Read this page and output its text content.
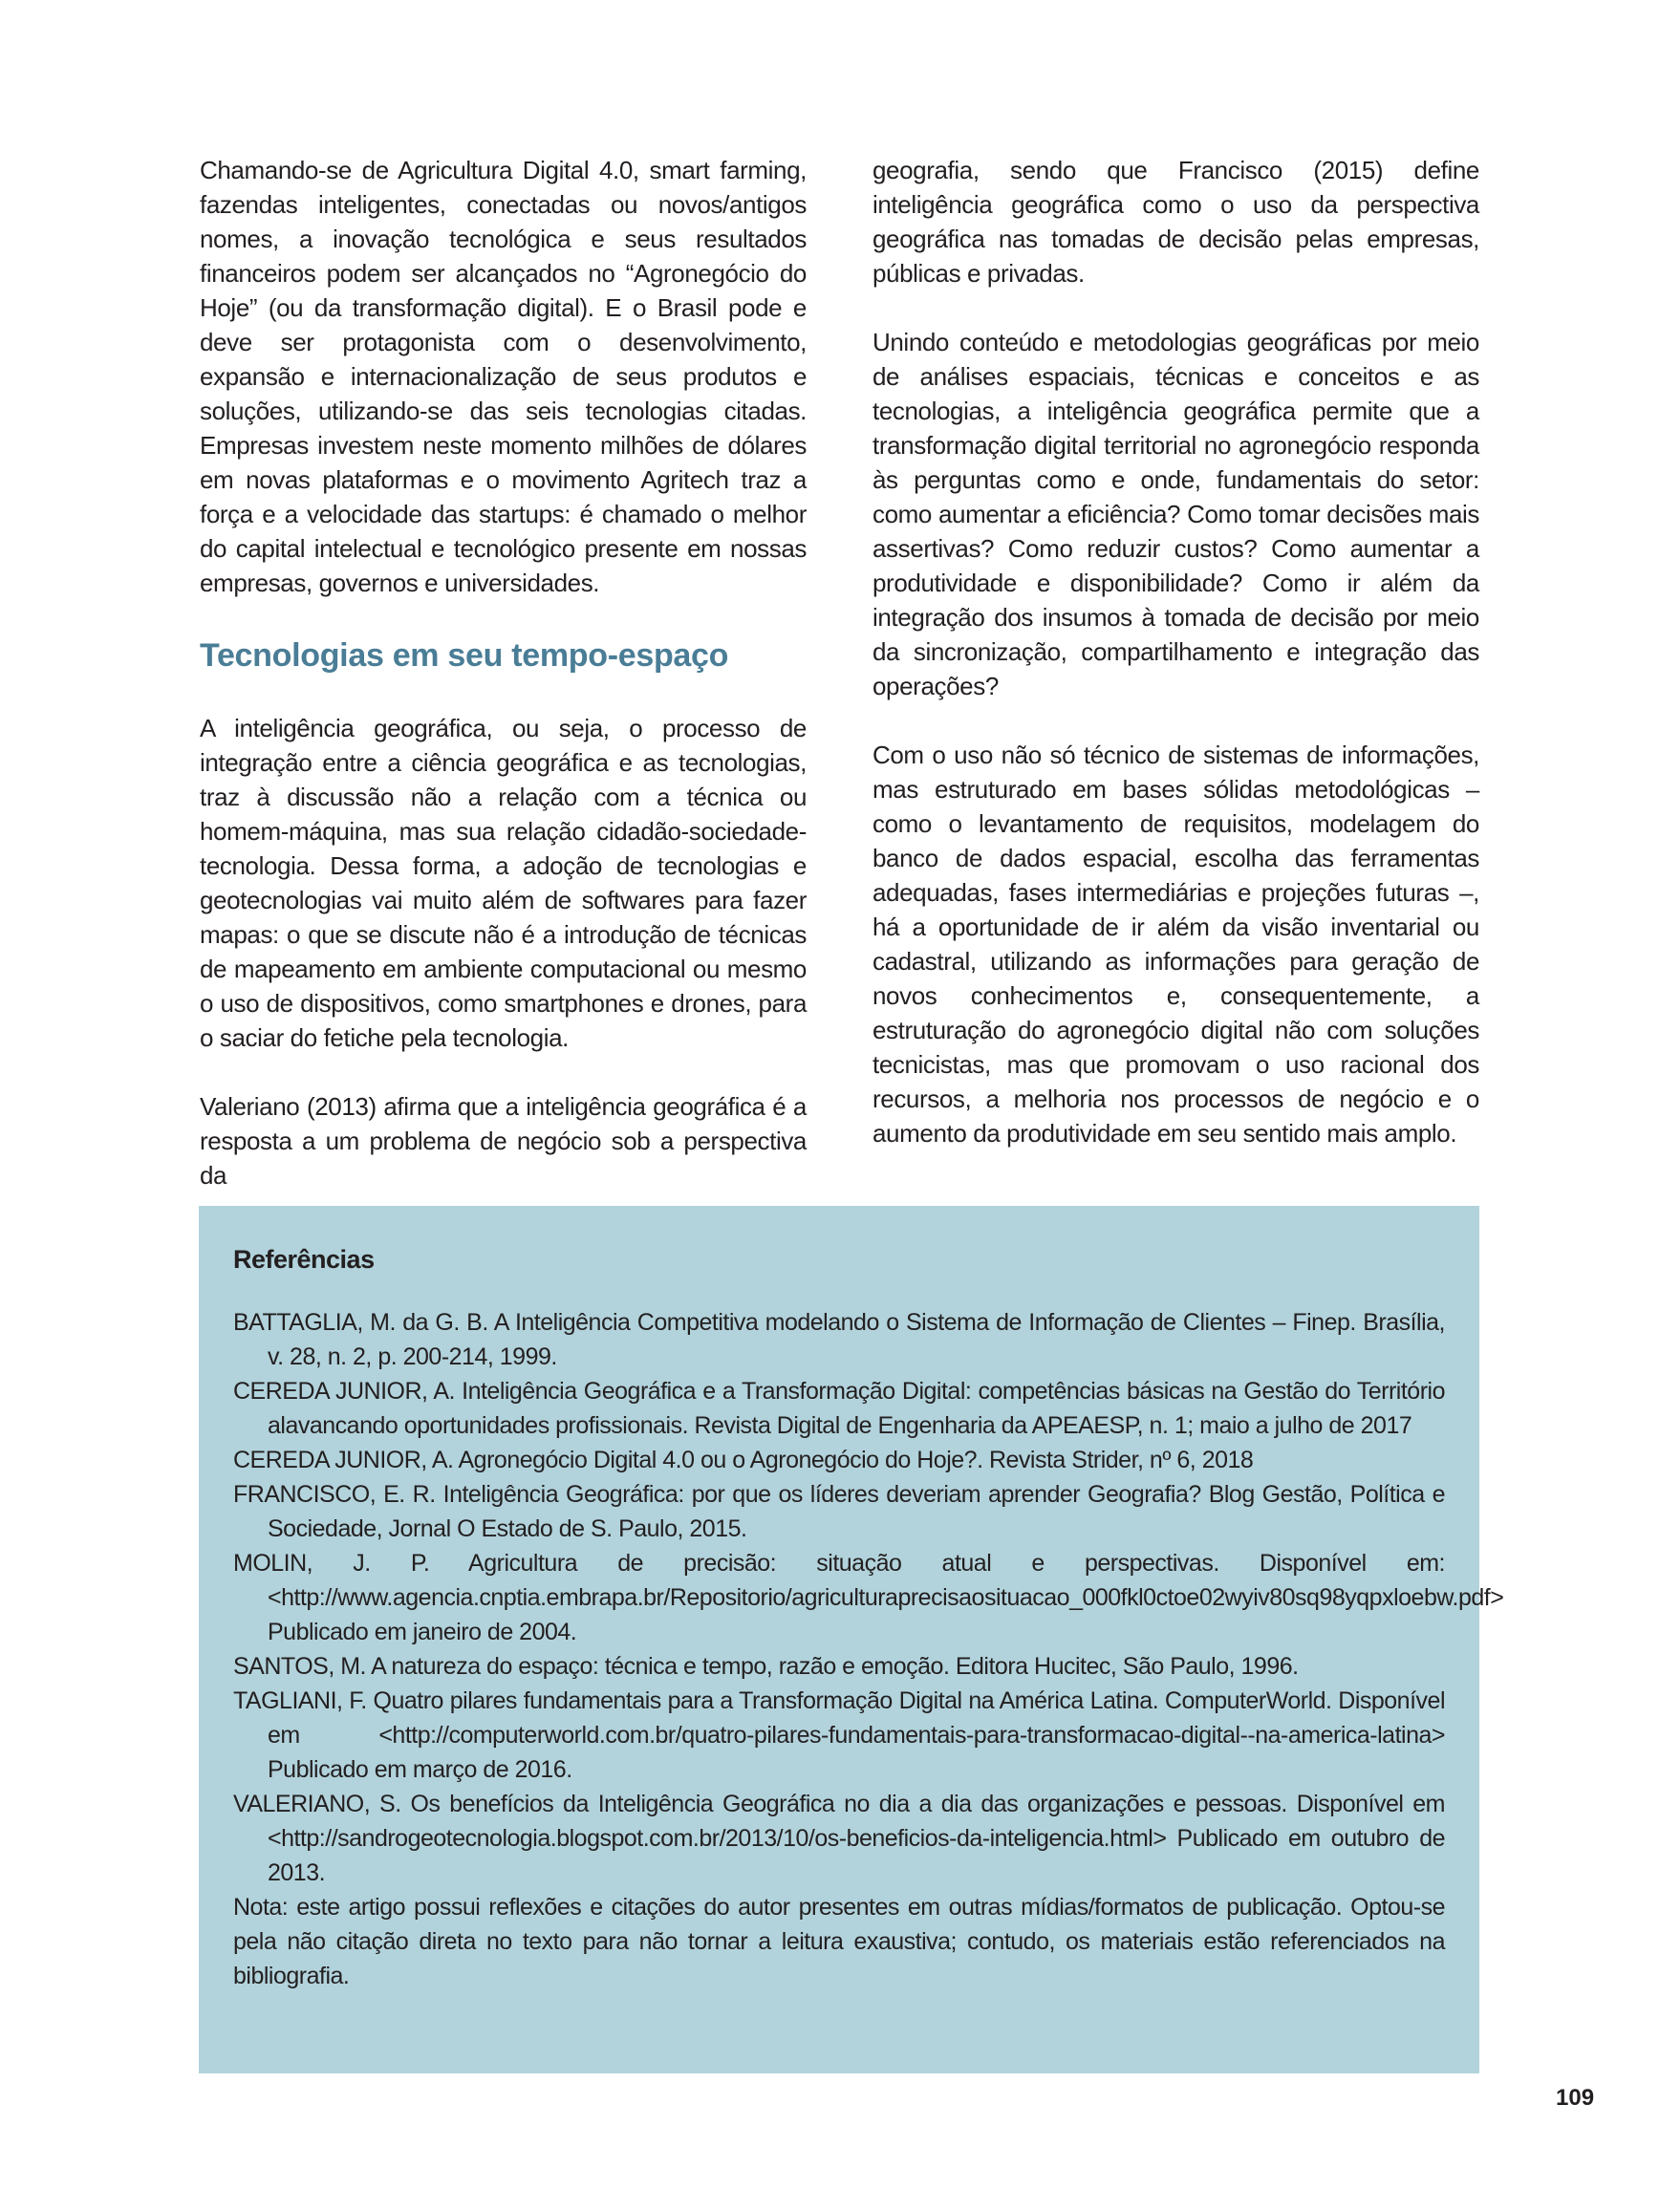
Chamando-se de Agricultura Digital 4.0, smart farming, fazendas inteligentes, conectadas ou novos/antigos nomes, a inovação tecnológica e seus resultados financeiros podem ser alcançados no “Agronegócio do Hoje” (ou da transformação digital). E o Brasil pode e deve ser protagonista com o desenvolvimento, expansão e internacionalização de seus produtos e soluções, utilizando-se das seis tecnologias citadas. Empresas investem neste momento milhões de dólares em novas plataformas e o movimento Agritech traz a força e a velocidade das startups: é chamado o melhor do capital intelectual e tecnológico presente em nossas empresas, governos e universidades.

Tecnologias em seu tempo-espaço

A inteligência geográfica, ou seja, o processo de integração entre a ciência geográfica e as tecnologias, traz à discussão não a relação com a técnica ou homem-máquina, mas sua relação cidadão-sociedade-tecnologia. Dessa forma, a adoção de tecnologias e geotecnologias vai muito além de softwares para fazer mapas: o que se discute não é a introdução de técnicas de mapeamento em ambiente computacional ou mesmo o uso de dispositivos, como smartphones e drones, para o saciar do fetiche pela tecnologia.

Valeriano (2013) afirma que a inteligência geográfica é a resposta a um problema de negócio sob a perspectiva da

geografia, sendo que Francisco (2015) define inteligência geográfica como o uso da perspectiva geográfica nas tomadas de decisão pelas empresas, públicas e privadas.

Unindo conteúdo e metodologias geográficas por meio de análises espaciais, técnicas e conceitos e as tecnologias, a inteligência geográfica permite que a transformação digital territorial no agronegócio responda às perguntas como e onde, fundamentais do setor: como aumentar a eficiência? Como tomar decisões mais assertivas? Como reduzir custos? Como aumentar a produtividade e disponibilidade? Como ir além da integração dos insumos à tomada de decisão por meio da sincronização, compartilhamento e integração das operações?

Com o uso não só técnico de sistemas de informações, mas estruturado em bases sólidas metodológicas – como o levantamento de requisitos, modelagem do banco de dados espacial, escolha das ferramentas adequadas, fases intermediárias e projeções futuras –, há a oportunidade de ir além da visão inventarial ou cadastral, utilizando as informações para geração de novos conhecimentos e, consequentemente, a estruturação do agronegócio digital não com soluções tecnicistas, mas que promovam o uso racional dos recursos, a melhoria nos processos de negócio e o aumento da produtividade em seu sentido mais amplo.

Referências

BATTAGLIA, M. da G. B. A Inteligência Competitiva modelando o Sistema de Informação de Clientes – Finep. Brasília, v. 28, n. 2, p. 200-214, 1999.

CEREDA JUNIOR, A. Inteligência Geográfica e a Transformação Digital: competências básicas na Gestão do Território alavancando oportunidades profissionais. Revista Digital de Engenharia da APEAESP, n. 1; maio a julho de 2017

CEREDA JUNIOR, A. Agronegócio Digital 4.0 ou o Agronegócio do Hoje?. Revista Strider, nº 6, 2018

FRANCISCO, E. R. Inteligência Geográfica: por que os líderes deveriam aprender Geografia? Blog Gestão, Política e Sociedade, Jornal O Estado de S. Paulo, 2015.

MOLIN, J. P. Agricultura de precisão: situação atual e perspectivas. Disponível em: <http://www.agencia.cnptia.embrapa.br/Repositorio/agriculturaprecisaosituacao_000fkl0ctoe02wyiv80sq98yqpxloebw.pdf> Publicado em janeiro de 2004.

SANTOS, M. A natureza do espaço: técnica e tempo, razão e emoção. Editora Hucitec, São Paulo, 1996.

TAGLIANI, F. Quatro pilares fundamentais para a Transformação Digital na América Latina. ComputerWorld. Disponível em <http://computerworld.com.br/quatro-pilares-fundamentais-para-transformacao-digital--na-america-latina> Publicado em março de 2016.

VALERIANO, S. Os benefícios da Inteligência Geográfica no dia a dia das organizações e pessoas. Disponível em <http://sandrogeotecnologia.blogspot.com.br/2013/10/os-beneficios-da-inteligencia.html> Publicado em outubro de 2013.

Nota: este artigo possui reflexões e citações do autor presentes em outras mídias/formatos de publicação. Optou-se pela não citação direta no texto para não tornar a leitura exaustiva; contudo, os materiais estão referenciados na bibliografia.

109
